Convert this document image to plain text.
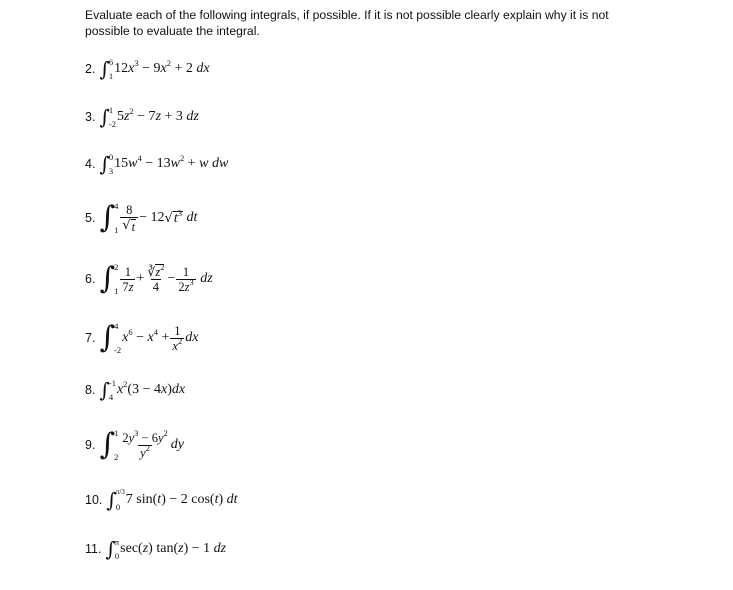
Evaluate each of the following integrals, if possible. If it is not possible clearly explain why it is not possible to evaluate the integral.
2. ∫ 6
1 12 $x^3 - 9$ $x^2 + 2$ dx
3. ∫ 1
-2 5 $z^2 - 7$ z + 3 dz
4. ∫ 0
3 15 $w^4 - 13$ $w^2 + w$ dw
5. ∫ 4
$1 \frac{8}{√ t} - 12$ √ $t^3$ dt
6. ∫ 2
$1 \frac{1}{7z} + \frac{∛z^2}{4} - \frac{1}{2z^3}$ dz
7. ∫ 4
-2
$x^6 - x^4 + \frac{1}{x^2}$ dx
8. ∫ -1
4 $x^2$ (3 − 4 x ) dx
9. ∫ 1
$2 \frac{2y^3 - 6y^2}{y^2}$ dy
10. ∫ π/3
0 7 sin( t ) − 2 cos( t ) dt
11. ∫ π
0 sec( z ) tan( z ) − 1 dz
